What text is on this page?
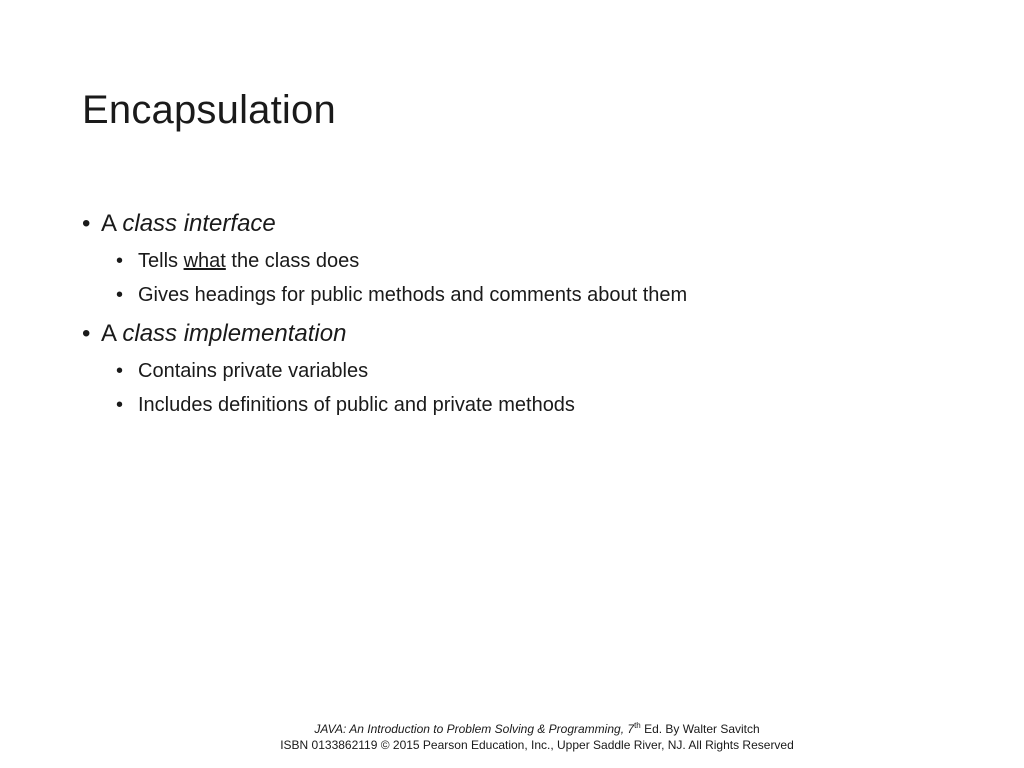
Encapsulation
• A class interface
• Tells what the class does
• Gives headings for public methods and comments about them
• A class implementation
• Contains private variables
• Includes definitions of public and private methods
JAVA: An Introduction to Problem Solving & Programming, 7th Ed. By Walter Savitch
ISBN 0133862119 © 2015 Pearson Education, Inc., Upper Saddle River, NJ. All Rights Reserved
